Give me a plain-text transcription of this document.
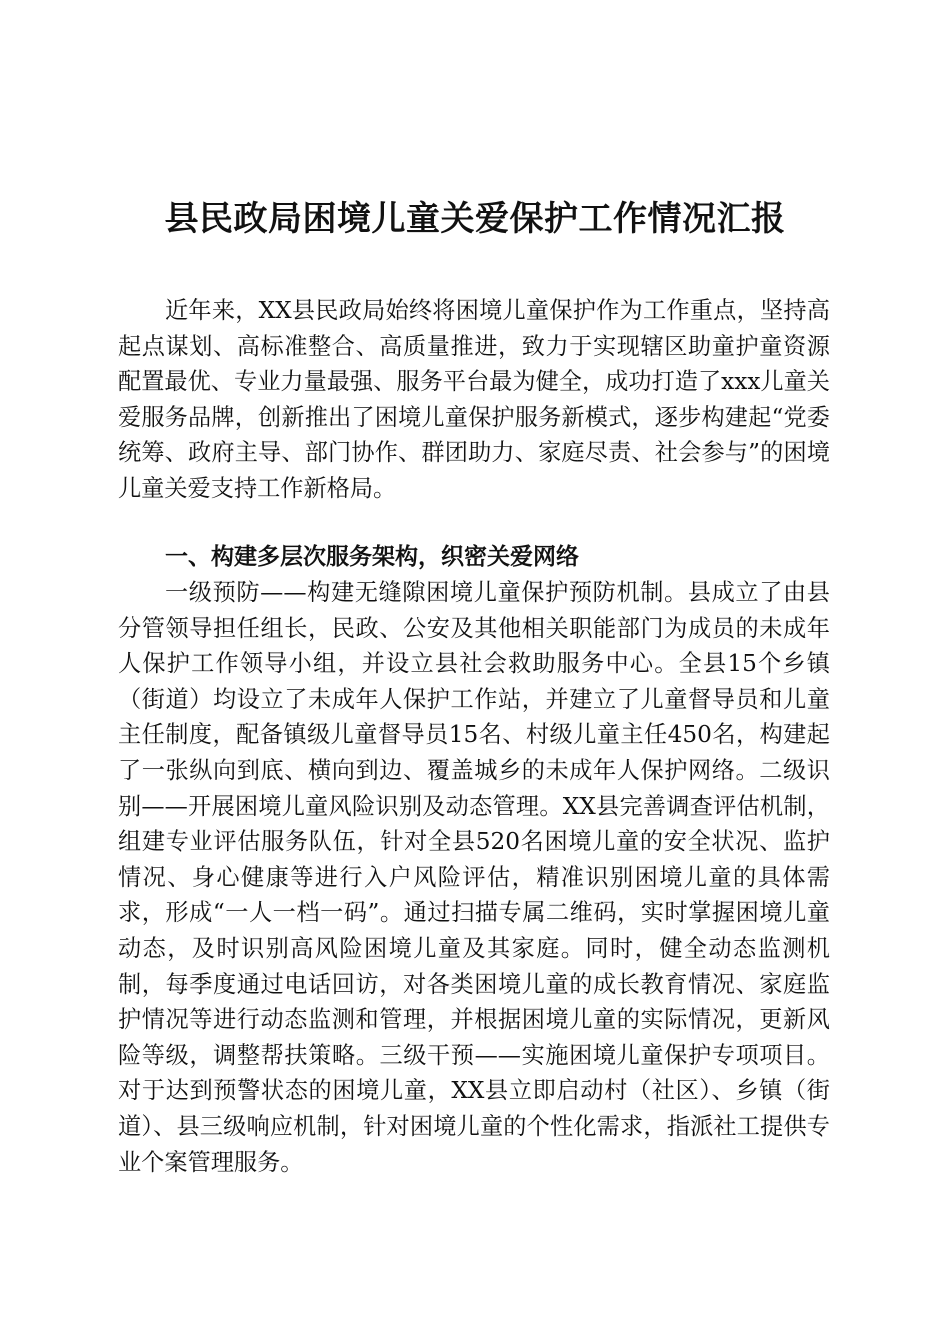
县民政局困境儿童关爱保护工作情况汇报

近年来，XX县民政局始终将困境儿童保护作为工作重点，坚持高起点谋划、高标准整合、高质量推进，致力于实现辖区助童护童资源配置最优、专业力量最强、服务平台最为健全，成功打造了xxx儿童关爱服务品牌，创新推出了困境儿童保护服务新模式，逐步构建起“党委统筹、政府主导、部门协作、群团助力、家庭尽责、社会参与”的困境儿童关爱支持工作新格局。

一、构建多层次服务架构，织密关爱网络

一级预防——构建无缝隙困境儿童保护预防机制。县成立了由县分管领导担任组长，民政、公安及其他相关职能部门为成员的未成年人保护工作领导小组，并设立县社会救助服务中心。全县15个乡镇（街道）均设立了未成年人保护工作站，并建立了儿童督导员和儿童主任制度，配备镇级儿童督导员15名、村级儿童主任450名，构建起了一张纵向到底、横向到边、覆盖城乡的未成年人保护网络。二级识别——开展困境儿童风险识别及动态管理。XX县完善调查评估机制，组建专业评估服务队伍，针对全县520名困境儿童的安全状况、监护情况、身心健康等进行入户风险评估，精准识别困境儿童的具体需求，形成“一人一档一码”。通过扫描专属二维码，实时掌握困境儿童动态，及时识别高风险困境儿童及其家庭。同时，健全动态监测机制，每季度通过电话回访，对各类困境儿童的成长教育情况、家庭监护情况等进行动态监测和管理，并根据困境儿童的实际情况，更新风险等级，调整帮扶策略。三级干预——实施困境儿童保护专项项目。对于达到预警状态的困境儿童，XX县立即启动村（社区）、乡镇（街道）、县三级响应机制，针对困境儿童的个性化需求，指派社工提供专业个案管理服务。
